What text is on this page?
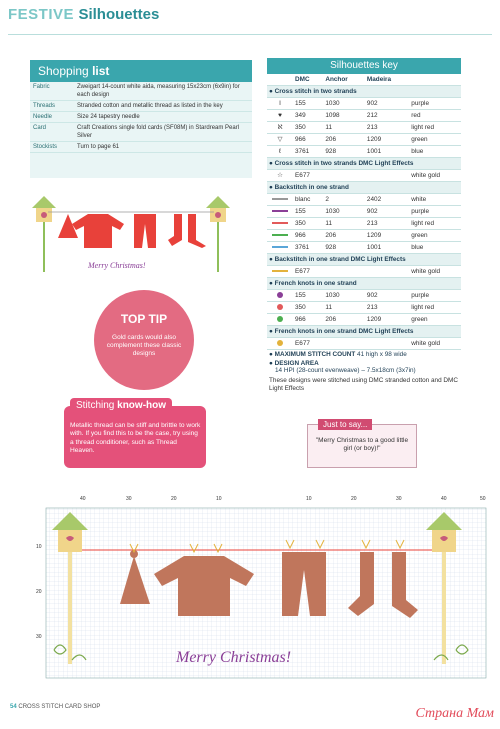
FESTIVE Silhouettes
Shopping list
Fabric	Zweigart 14-count white aida, measuring 15x23cm (6x9in) for each design
Threads	Stranded cotton and metallic thread as listed in the key
Needle	Size 24 tapestry needle
Card	Craft Creations single fold cards (SF08M) in Stardream Pearl Silver
Stockists	Turn to page 61
Merry Christmas!
TOP TIP
Gold cards would also complement these classic designs
Stitching know-how
Metallic thread can be stiff and brittle to work with. If you find this to be the case, try using a thread conditioner, such as Thread Heaven.
Silhouettes key
	DMC	Anchor	Madeira	
● Cross stitch in two strands				
I	155	1030	902	purple
♥	349	1098	212	red
ℵ	350	11	213	light red
▽	966	206	1209	green
ℓ	3761	928	1001	blue
● Cross stitch in two strands DMC Light Effects				
☆	E677			white gold
● Backstitch in one strand				
	blanc	2	2402	white
	155	1030	902	purple
	350	11	213	light red
	966	206	1209	green
	3761	928	1001	blue
● Backstitch in one strand DMC Light Effects				
	E677			white gold
● French knots in one strand				
	155	1030	902	purple
	350	11	213	light red
	966	206	1209	green
● French knots in one strand DMC Light Effects				
	E677			white gold
● MAXIMUM STITCH COUNT 41 high x 98 wide
● DESIGN AREA
14 HPI (28-count evenweave) – 7.5x18cm (3x7in)
These designs were stitched using DMC stranded cotton and DMC Light Effects
Just to say...
"Merry Christmas to a good little girl (or boy)!"
Merry Christmas!
40	30	20	10	10	20	30	40	50
10
20
30
54 CROSS STITCH CARD SHOP	Страна Мам
